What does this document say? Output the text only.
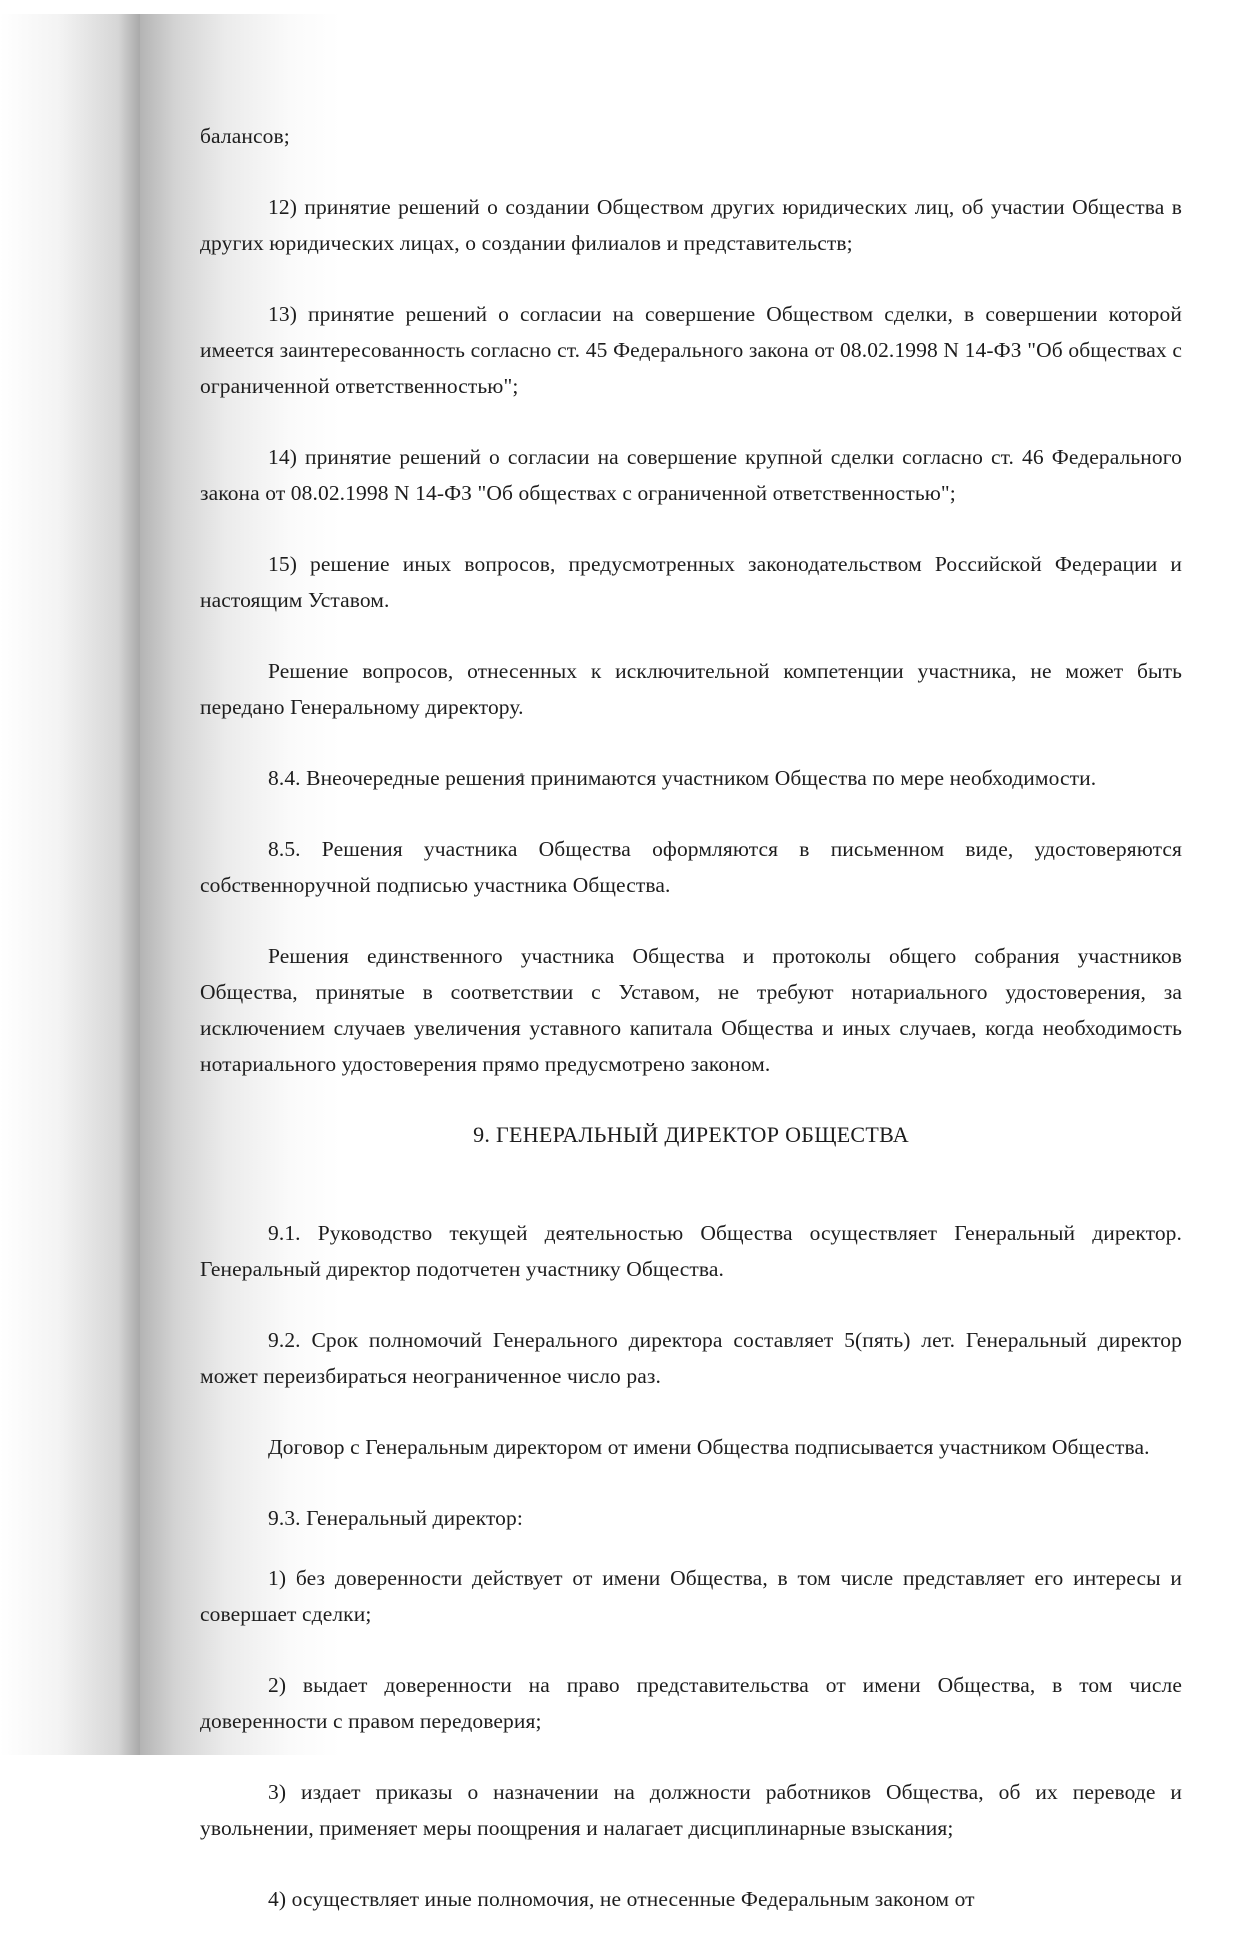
балансов;

12) принятие решений о создании Обществом других юридических лиц, об участии Общества в других юридических лицах, о создании филиалов и представительств;

13) принятие решений о согласии на совершение Обществом сделки, в совершении которой имеется заинтересованность согласно ст. 45 Федерального закона от 08.02.1998 N 14-ФЗ "Об обществах с ограниченной ответственностью";

14) принятие решений о согласии на совершение крупной сделки согласно ст. 46 Федерального закона от 08.02.1998 N 14-ФЗ "Об обществах с ограниченной ответственностью";

15) решение иных вопросов, предусмотренных законодательством Российской Федерации и настоящим Уставом.

Решение вопросов, отнесенных к исключительной компетенции участника, не может быть передано Генеральному директору.

8.4. Внеочередные решения принимаются участником Общества по мере необходимости.

8.5. Решения участника Общества оформляются в письменном виде, удостоверяются собственноручной подписью участника Общества.

Решения единственного участника Общества и протоколы общего собрания участников Общества, принятые в соответствии с Уставом, не требуют нотариального удостоверения, за исключением случаев увеличения уставного капитала Общества и иных случаев, когда необходимость нотариального удостоверения прямо предусмотрено законом.

9. ГЕНЕРАЛЬНЫЙ ДИРЕКТОР ОБЩЕСТВА

9.1. Руководство текущей деятельностью Общества осуществляет Генеральный директор. Генеральный директор подотчетен участнику Общества.

9.2. Срок полномочий Генерального директора составляет 5(пять) лет. Генеральный директор может переизбираться неограниченное число раз.

Договор с Генеральным директором от имени Общества подписывается участником Общества.

9.3. Генеральный директор:

1) без доверенности действует от имени Общества, в том числе представляет его интересы и совершает сделки;

2) выдает доверенности на право представительства от имени Общества, в том числе доверенности с правом передоверия;

3) издает приказы о назначении на должности работников Общества, об их переводе и увольнении, применяет меры поощрения и налагает дисциплинарные взыскания;

4) осуществляет иные полномочия, не отнесенные Федеральным законом от
